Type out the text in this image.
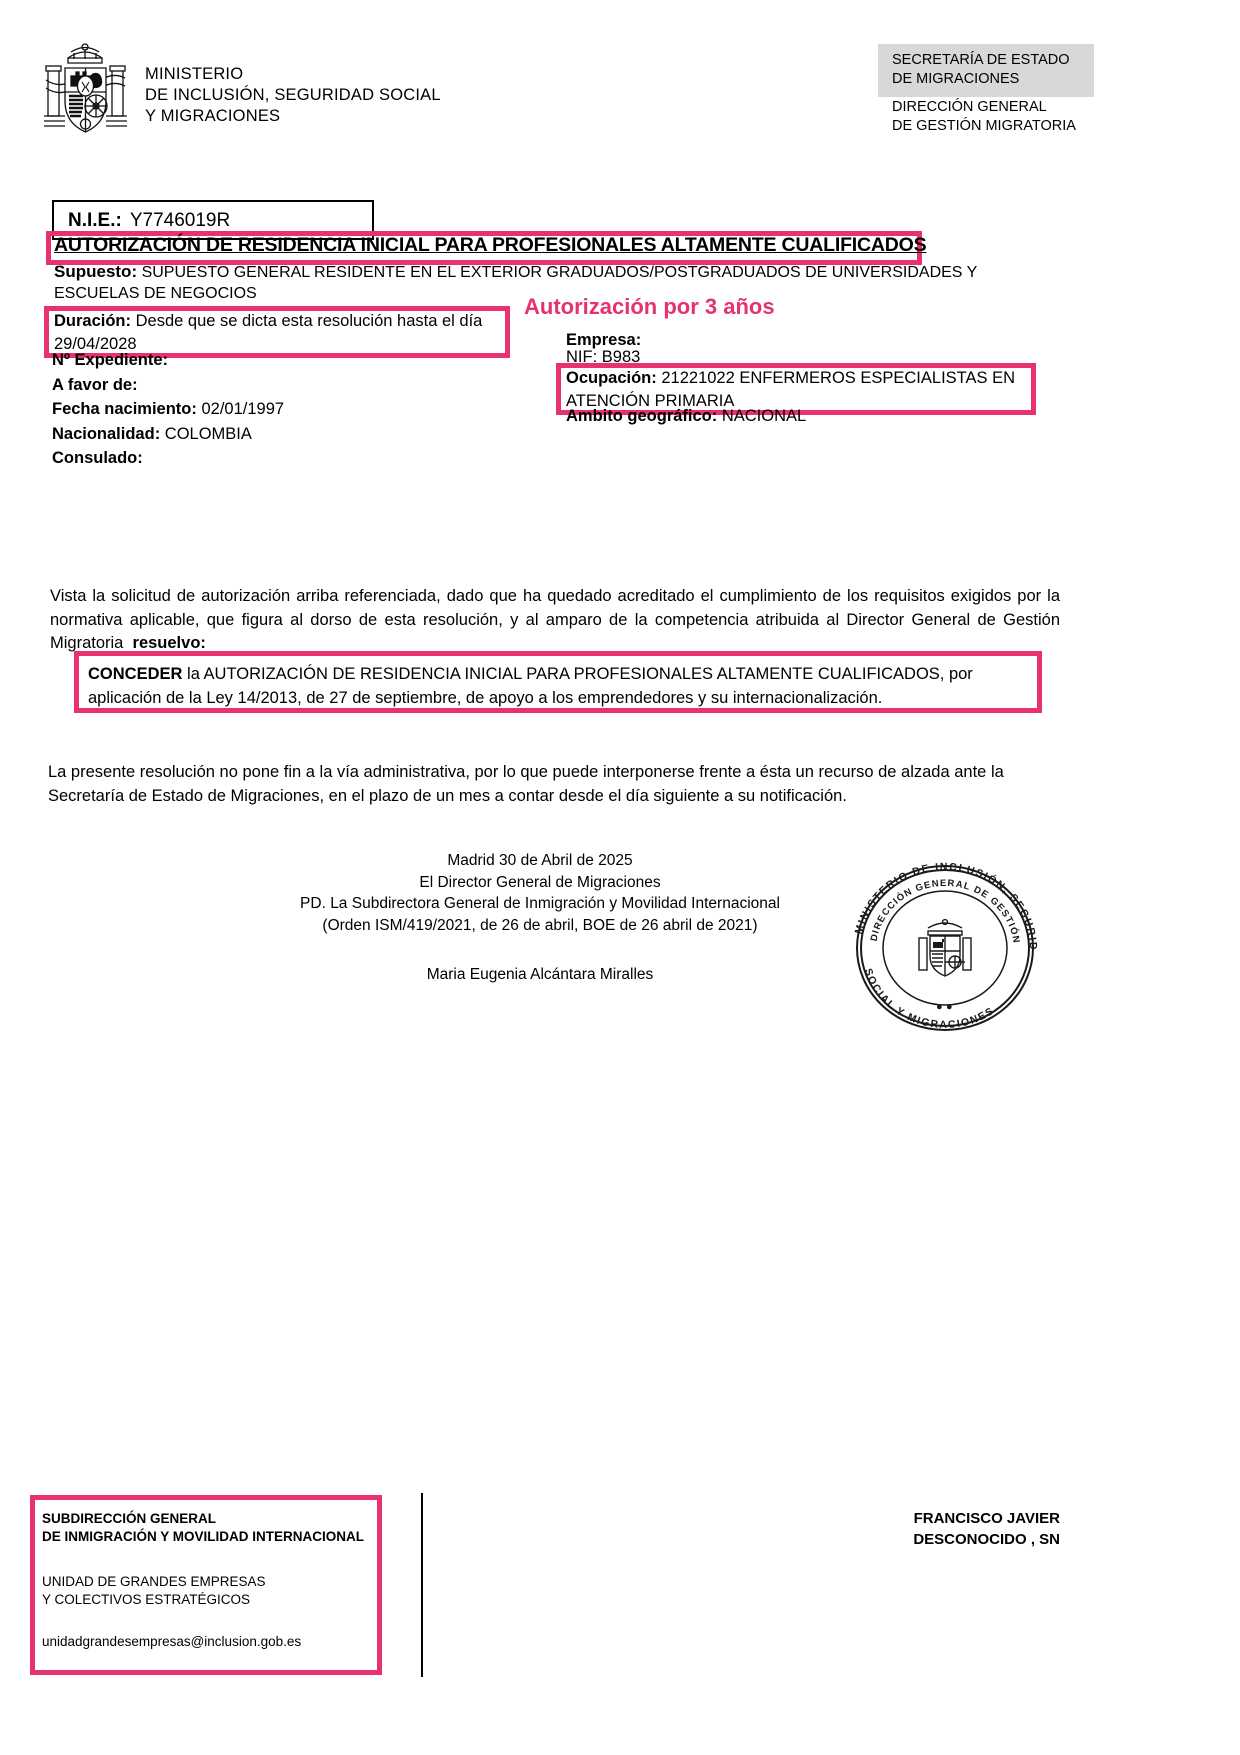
MINISTERIO
DE INCLUSIÓN, SEGURIDAD SOCIAL
Y MIGRACIONES
SECRETARÍA DE ESTADO
DE MIGRACIONES
DIRECCIÓN GENERAL
DE GESTIÓN MIGRATORIA
N.I.E.: Y7746019R
AUTORIZACIÓN DE RESIDENCIA INICIAL PARA PROFESIONALES ALTAMENTE CUALIFICADOS
Supuesto: SUPUESTO GENERAL RESIDENTE EN EL EXTERIOR GRADUADOS/POSTGRADUADOS DE UNIVERSIDADES Y ESCUELAS DE NEGOCIOS
Duración: Desde que se dicta esta resolución hasta el día 29/04/2028
Nº Expediente:
A favor de:
Fecha nacimiento: 02/01/1997
Nacionalidad: COLOMBIA
Consulado:
Autorización por 3 años
Empresa:
NIF: B983
Ocupación: 21221022 ENFERMEROS ESPECIALISTAS EN ATENCIÓN PRIMARIA
Ambito geográfico: NACIONAL
Vista la solicitud de autorización arriba referenciada, dado que ha quedado acreditado el cumplimiento de los requisitos exigidos por la normativa aplicable, que figura al dorso de esta resolución, y al amparo de la competencia atribuida al Director General de Gestión Migratoria resuelvo:
CONCEDER la AUTORIZACIÓN DE RESIDENCIA INICIAL PARA PROFESIONALES ALTAMENTE CUALIFICADOS, por aplicación de la Ley 14/2013, de 27 de septiembre, de apoyo a los emprendedores y su internacionalización.
La presente resolución no pone fin a la vía administrativa, por lo que puede interponerse frente a ésta un recurso de alzada ante la Secretaría de Estado de Migraciones, en el plazo de un mes a contar desde el día siguiente a su notificación.
Madrid 30 de Abril de 2025
El Director General de Migraciones
PD. La Subdirectora General de Inmigración y Movilidad Internacional
(Orden ISM/419/2021, de 26 de abril, BOE de 26 abril de 2021)
Maria Eugenia Alcántara Miralles
MINISTERIO DE INCLUSIÓN, SEGURID
SOCIAL Y MIGRACIONES
DIRECCIÓN GENERAL DE GESTIÓN
● ●
SUBDIRECCIÓN GENERAL
DE INMIGRACIÓN Y MOVILIDAD INTERNACIONAL
UNIDAD DE GRANDES EMPRESAS
Y COLECTIVOS ESTRATÉGICOS
unidadgrandesempresas@inclusion.gob.es
FRANCISCO JAVIER
DESCONOCIDO , SN
